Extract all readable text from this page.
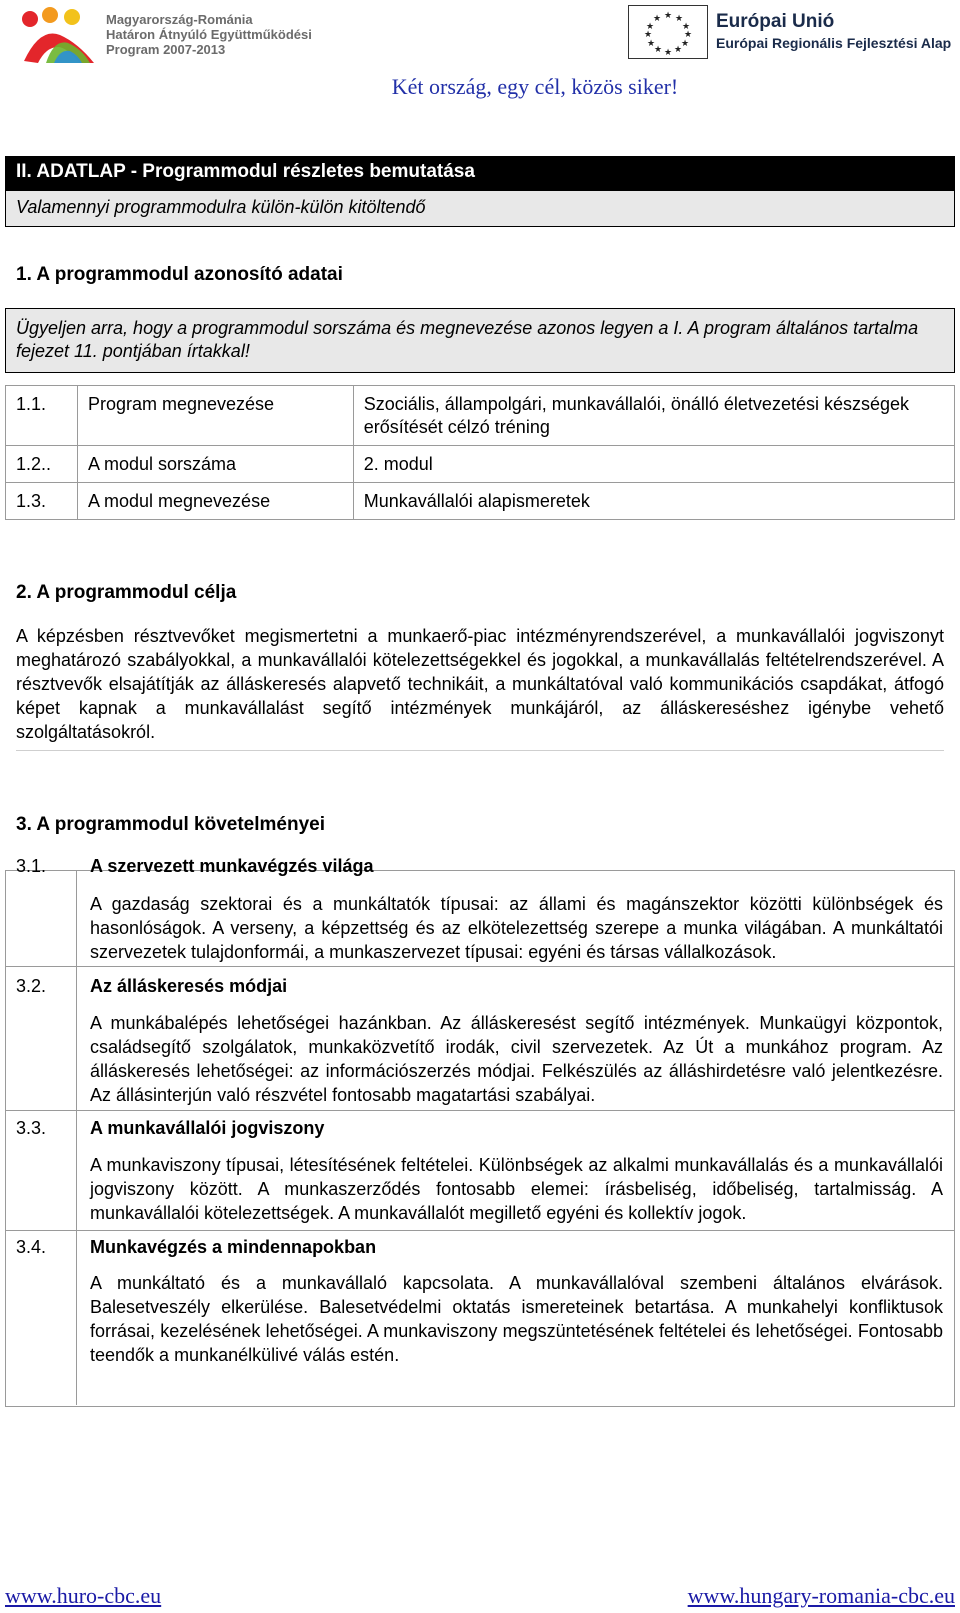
Magyarország-Románia
Határon Átnyúló Együttműködési
Program 2007-2013
★ ★
★
★
★
★
★
★
★
★
★
★	Európai Unió
Európai Regionális Fejlesztési Alap
Két ország, egy cél, közös siker!
II. ADATLAP - Programmodul részletes bemutatása
Valamennyi programmodulra külön-külön kitöltendő
1. A programmodul azonosító adatai
Ügyeljen arra, hogy a programmodul sorszáma és megnevezése azonos legyen a I. A program általános tartalma fejezet 11. pontjában írtakkal!
1.1.	Program megnevezése	Szociális, állampolgári, munkavállalói, önálló életvezetési készségek erősítését célzó tréning
1.2..	A modul sorszáma	2. modul
1.3.	A modul megnevezése	Munkavállalói alapismeretek
2. A programmodul célja
A képzésben résztvevőket megismertetni a munkaerő-piac intézményrendszerével, a munkavállalói jogviszonyt meghatározó szabályokkal, a munkavállalói kötelezettségekkel és jogokkal, a munkavállalás feltételrendszerével. A résztvevők elsajátítják az álláskeresés alapvető technikáit, a munkáltatóval való kommunikációs csapdákat, átfogó képet kapnak a munkavállalást segítő intézmények munkájáról, az álláskereséshez igénybe vehető szolgáltatásokról.
3. A programmodul követelményei
3.1. A szervezett munkavégzés világa
A gazdaság szektorai és a munkáltatók típusai: az állami és magánszektor közötti különbségek és hasonlóságok. A verseny, a képzettség és az elkötelezettség szerepe a munka világában. A munkáltatói szervezetek tulajdonformái, a munkaszervezet típusai: egyéni és társas vállalkozások.
3.2. Az álláskeresés módjai
A munkábalépés lehetőségei hazánkban. Az álláskeresést segítő intézmények. Munkaügyi központok, családsegítő szolgálatok, munkaközvetítő irodák, civil szervezetek. Az Út a munkához program. Az álláskeresés lehetőségei: az információszerzés módjai. Felkészülés az álláshirdetésre való jelentkezésre. Az állásinterjún való részvétel fontosabb magatartási szabályai.
3.3. A munkavállalói jogviszony
A munkaviszony típusai, létesítésének feltételei. Különbségek az alkalmi munkavállalás és a munkavállalói jogviszony között. A munkaszerződés fontosabb elemei: írásbeliség, időbeliség, tartalmisság. A munkavállalói kötelezettségek. A munkavállalót megillető egyéni és kollektív jogok.
3.4. Munkavégzés a mindennapokban
A munkáltató és a munkavállaló kapcsolata. A munkavállalóval szembeni általános elvárások. Balesetveszély elkerülése. Balesetvédelmi oktatás ismereteinek betartása. A munkahelyi konfliktusok forrásai, kezelésének lehetőségei. A munkaviszony megszüntetésének feltételei és lehetőségei. Fontosabb teendők a munkanélkülivé válás estén.
www.huro-cbc.eu	www.hungary-romania-cbc.eu
